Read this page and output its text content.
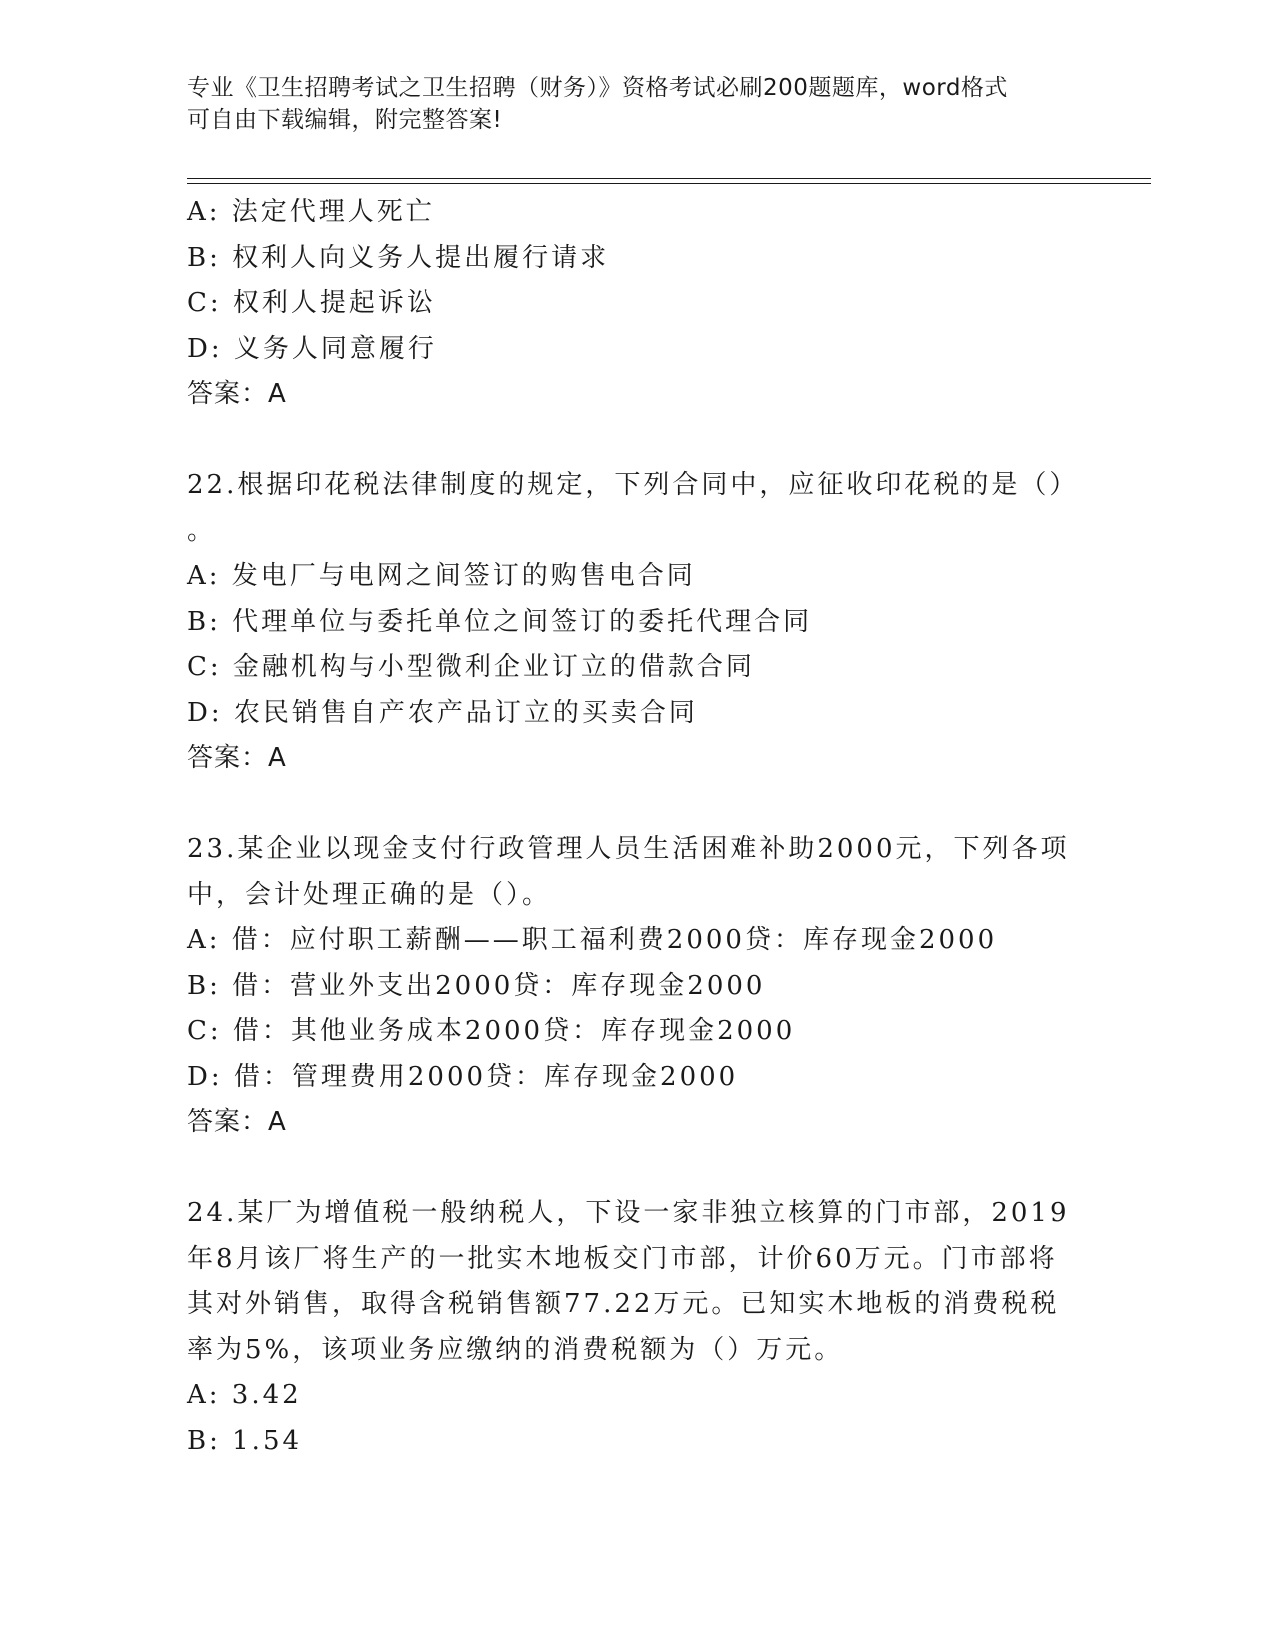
专业《卫生招聘考试之卫生招聘（财务）》资格考试必刷200题题库，word格式
可自由下载编辑，附完整答案!
A: 法定代理人死亡
B: 权利人向义务人提出履行请求
C: 权利人提起诉讼
D: 义务人同意履行
答案：A
22.根据印花税法律制度的规定，下列合同中，应征收印花税的是（）
。
A: 发电厂与电网之间签订的购售电合同
B: 代理单位与委托单位之间签订的委托代理合同
C: 金融机构与小型微利企业订立的借款合同
D: 农民销售自产农产品订立的买卖合同
答案：A
23.某企业以现金支付行政管理人员生活困难补助2000元，下列各项
中，会计处理正确的是（）。
A: 借：应付职工薪酬——职工福利费2000贷：库存现金2000
B: 借：营业外支出2000贷：库存现金2000
C: 借：其他业务成本2000贷：库存现金2000
D: 借：管理费用2000贷：库存现金2000
答案：A
24.某厂为增值税一般纳税人，下设一家非独立核算的门市部，2019
年8月该厂将生产的一批实木地板交门市部，计价60万元。门市部将
其对外销售，取得含税销售额77.22万元。已知实木地板的消费税税
率为5%，该项业务应缴纳的消费税额为（）万元。
A: 3.42
B: 1.54
